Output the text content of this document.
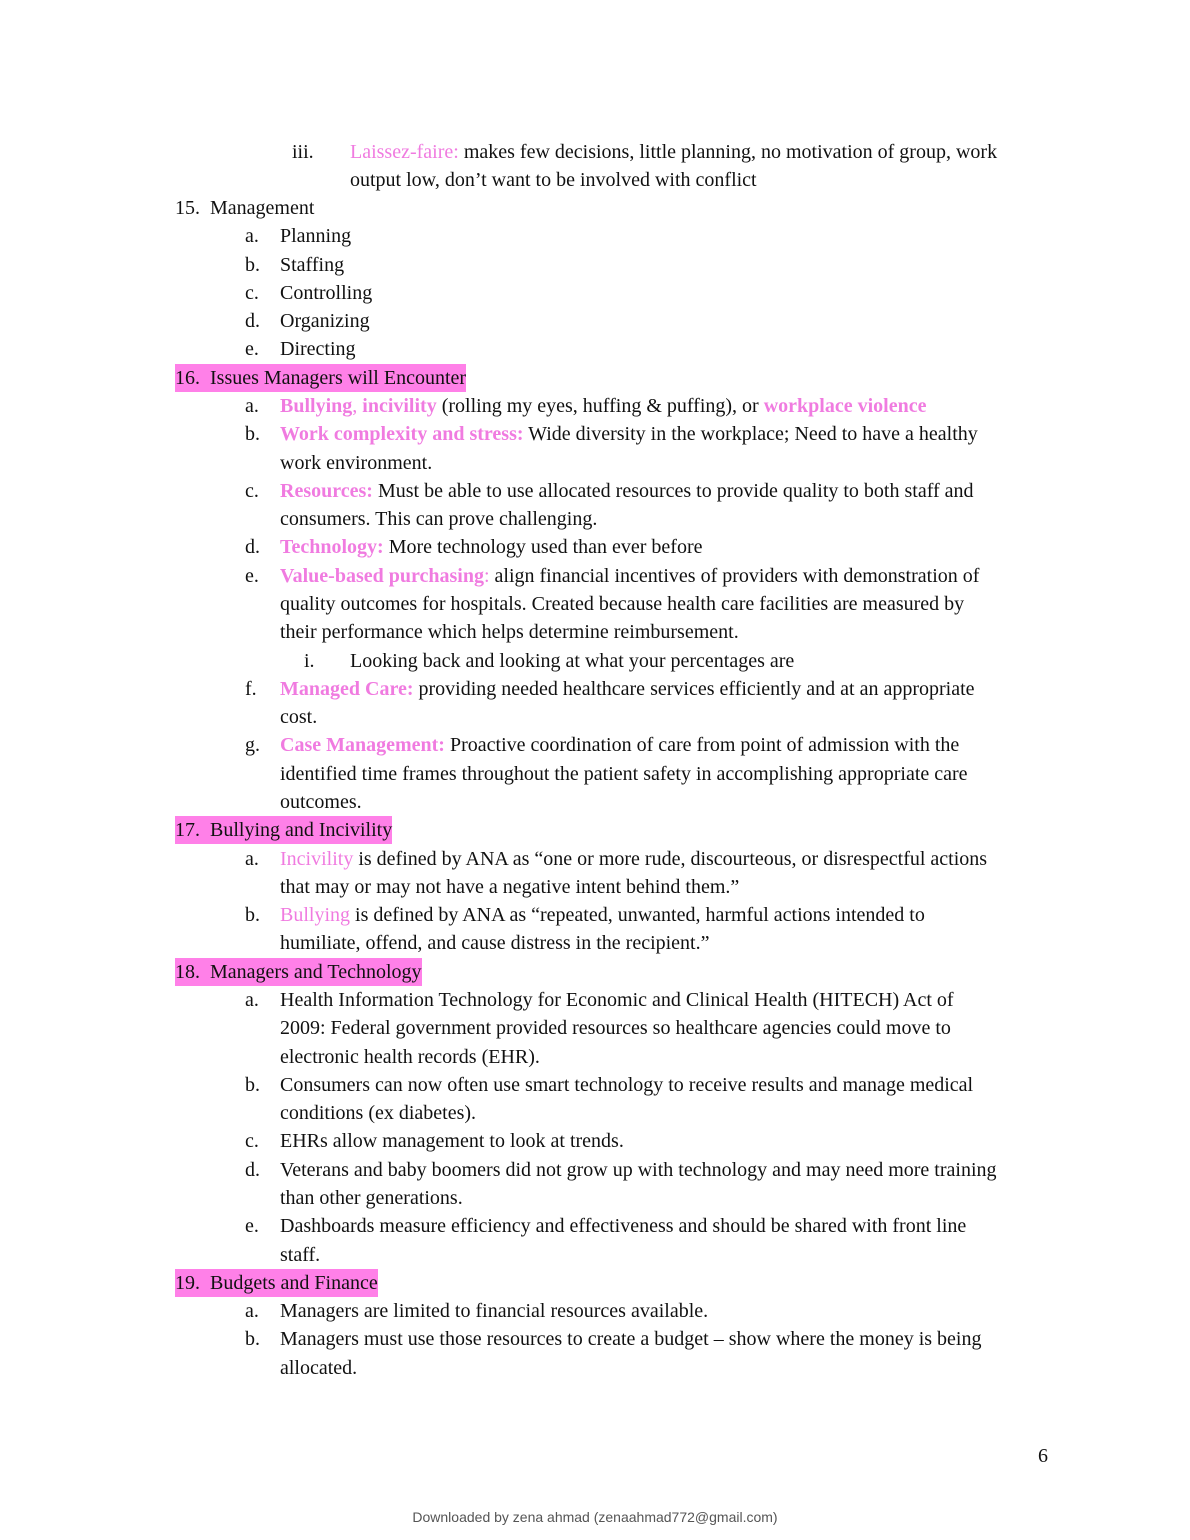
iii. Laissez-faire: makes few decisions, little planning, no motivation of group, work
output low, don’t want to be involved with conflict
15. Management
a. Planning
b. Staffing
c. Controlling
d. Organizing
e. Directing
16. Issues Managers will Encounter
a. Bullying, incivility (rolling my eyes, huffing & puffing), or workplace violence
b. Work complexity and stress: Wide diversity in the workplace; Need to have a healthy
work environment.
c. Resources: Must be able to use allocated resources to provide quality to both staff and
consumers. This can prove challenging.
d. Technology: More technology used than ever before
e. Value-based purchasing: align financial incentives of providers with demonstration of
quality outcomes for hospitals. Created because health care facilities are measured by
their performance which helps determine reimbursement.
i. Looking back and looking at what your percentages are
f. Managed Care: providing needed healthcare services efficiently and at an appropriate
cost.
g. Case Management: Proactive coordination of care from point of admission with the
identified time frames throughout the patient safety in accomplishing appropriate care
outcomes.
17. Bullying and Incivility
a. Incivility is defined by ANA as “one or more rude, discourteous, or disrespectful actions
that may or may not have a negative intent behind them.”
b. Bullying is defined by ANA as “repeated, unwanted, harmful actions intended to
humiliate, offend, and cause distress in the recipient.”
18. Managers and Technology
a. Health Information Technology for Economic and Clinical Health (HITECH) Act of
2009: Federal government provided resources so healthcare agencies could move to
electronic health records (EHR).
b. Consumers can now often use smart technology to receive results and manage medical
conditions (ex diabetes).
c. EHRs allow management to look at trends.
d. Veterans and baby boomers did not grow up with technology and may need more training
than other generations.
e. Dashboards measure efficiency and effectiveness and should be shared with front line
staff.
19. Budgets and Finance
a. Managers are limited to financial resources available.
b. Managers must use those resources to create a budget – show where the money is being
allocated.
6
Downloaded by zena ahmad (zenaahmad772@gmail.com)
